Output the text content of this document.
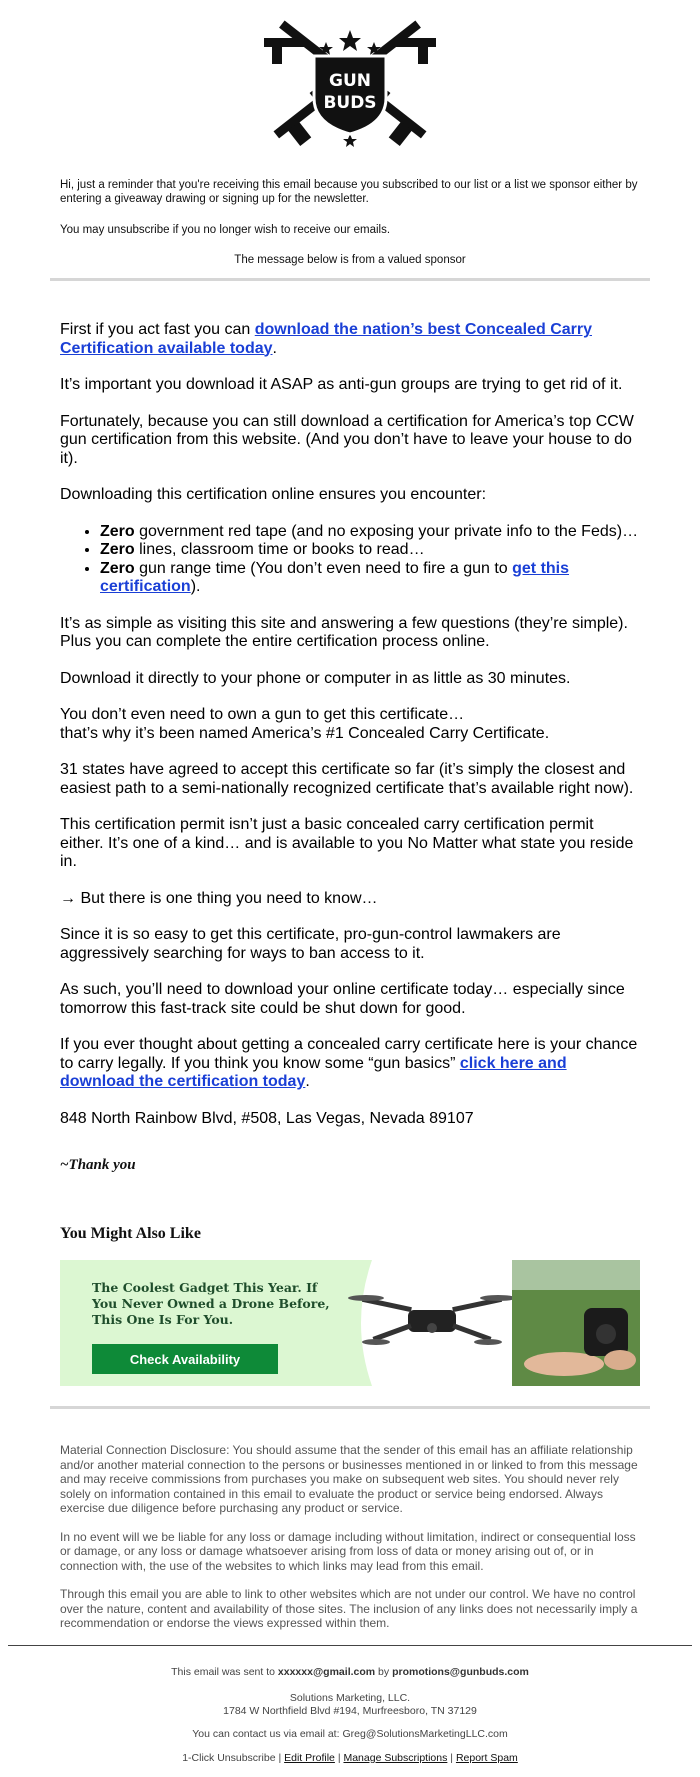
GUN
BUDS
Hi, just a reminder that you're receiving this email because you subscribed to our list or a list we sponsor either by entering a giveaway drawing or signing up for the newsletter.
You may unsubscribe if you no longer wish to receive our emails.
The message below is from a valued sponsor

First if you act fast you can download the nation’s best Concealed Carry Certification available today.

It’s important you download it ASAP as anti-gun groups are trying to get rid of it.

Fortunately, because you can still download a certification for America’s top CCW gun certification from this website. (And you don’t have to leave your house to do it).

Downloading this certification online ensures you encounter:

• Zero government red tape (and no exposing your private info to the Feds)…
• Zero lines, classroom time or books to read…
• Zero gun range time (You don’t even need to fire a gun to get this certification).

It’s as simple as visiting this site and answering a few questions (they’re simple). Plus you can complete the entire certification process online.

Download it directly to your phone or computer in as little as 30 minutes.

You don’t even need to own a gun to get this certificate…
that’s why it’s been named America’s #1 Concealed Carry Certificate.

31 states have agreed to accept this certificate so far (it’s simply the closest and easiest path to a semi-nationally recognized certificate that’s available right now).

This certification permit isn’t just a basic concealed carry certification permit either. It’s one of a kind… and is available to you No Matter what state you reside in.

→ But there is one thing you need to know…

Since it is so easy to get this certificate, pro-gun-control lawmakers are aggressively searching for ways to ban access to it.

As such, you’ll need to download your online certificate today… especially since tomorrow this fast-track site could be shut down for good.

If you ever thought about getting a concealed carry certificate here is your chance to carry legally. If you think you know some “gun basics” click here and download the certification today.

848 North Rainbow Blvd, #508, Las Vegas, Nevada 89107

~Thank you
You Might Also Like
The Coolest Gadget This Year. If You Never Owned a Drone Before, This One Is For You.
Check Availability

Material Connection Disclosure: You should assume that the sender of this email has an affiliate relationship and/or another material connection to the persons or businesses mentioned in or linked to from this message and may receive commissions from purchases you make on subsequent web sites. You should never rely solely on information contained in this email to evaluate the product or service being endorsed. Always exercise due diligence before purchasing any product or service.

In no event will we be liable for any loss or damage including without limitation, indirect or consequential loss or damage, or any loss or damage whatsoever arising from loss of data or money arising out of, or in connection with, the use of the websites to which links may lead from this email.

Through this email you are able to link to other websites which are not under our control. We have no control over the nature, content and availability of those sites. The inclusion of any links does not necessarily imply a recommendation or endorse the views expressed within them.

This email was sent to xxxxxx@gmail.com by promotions@gunbuds.com
Solutions Marketing, LLC.
1784 W Northfield Blvd #194, Murfreesboro, TN 37129
You can contact us via email at: Greg@SolutionsMarketingLLC.com
1-Click Unsubscribe | Edit Profile | Manage Subscriptions | Report Spam
